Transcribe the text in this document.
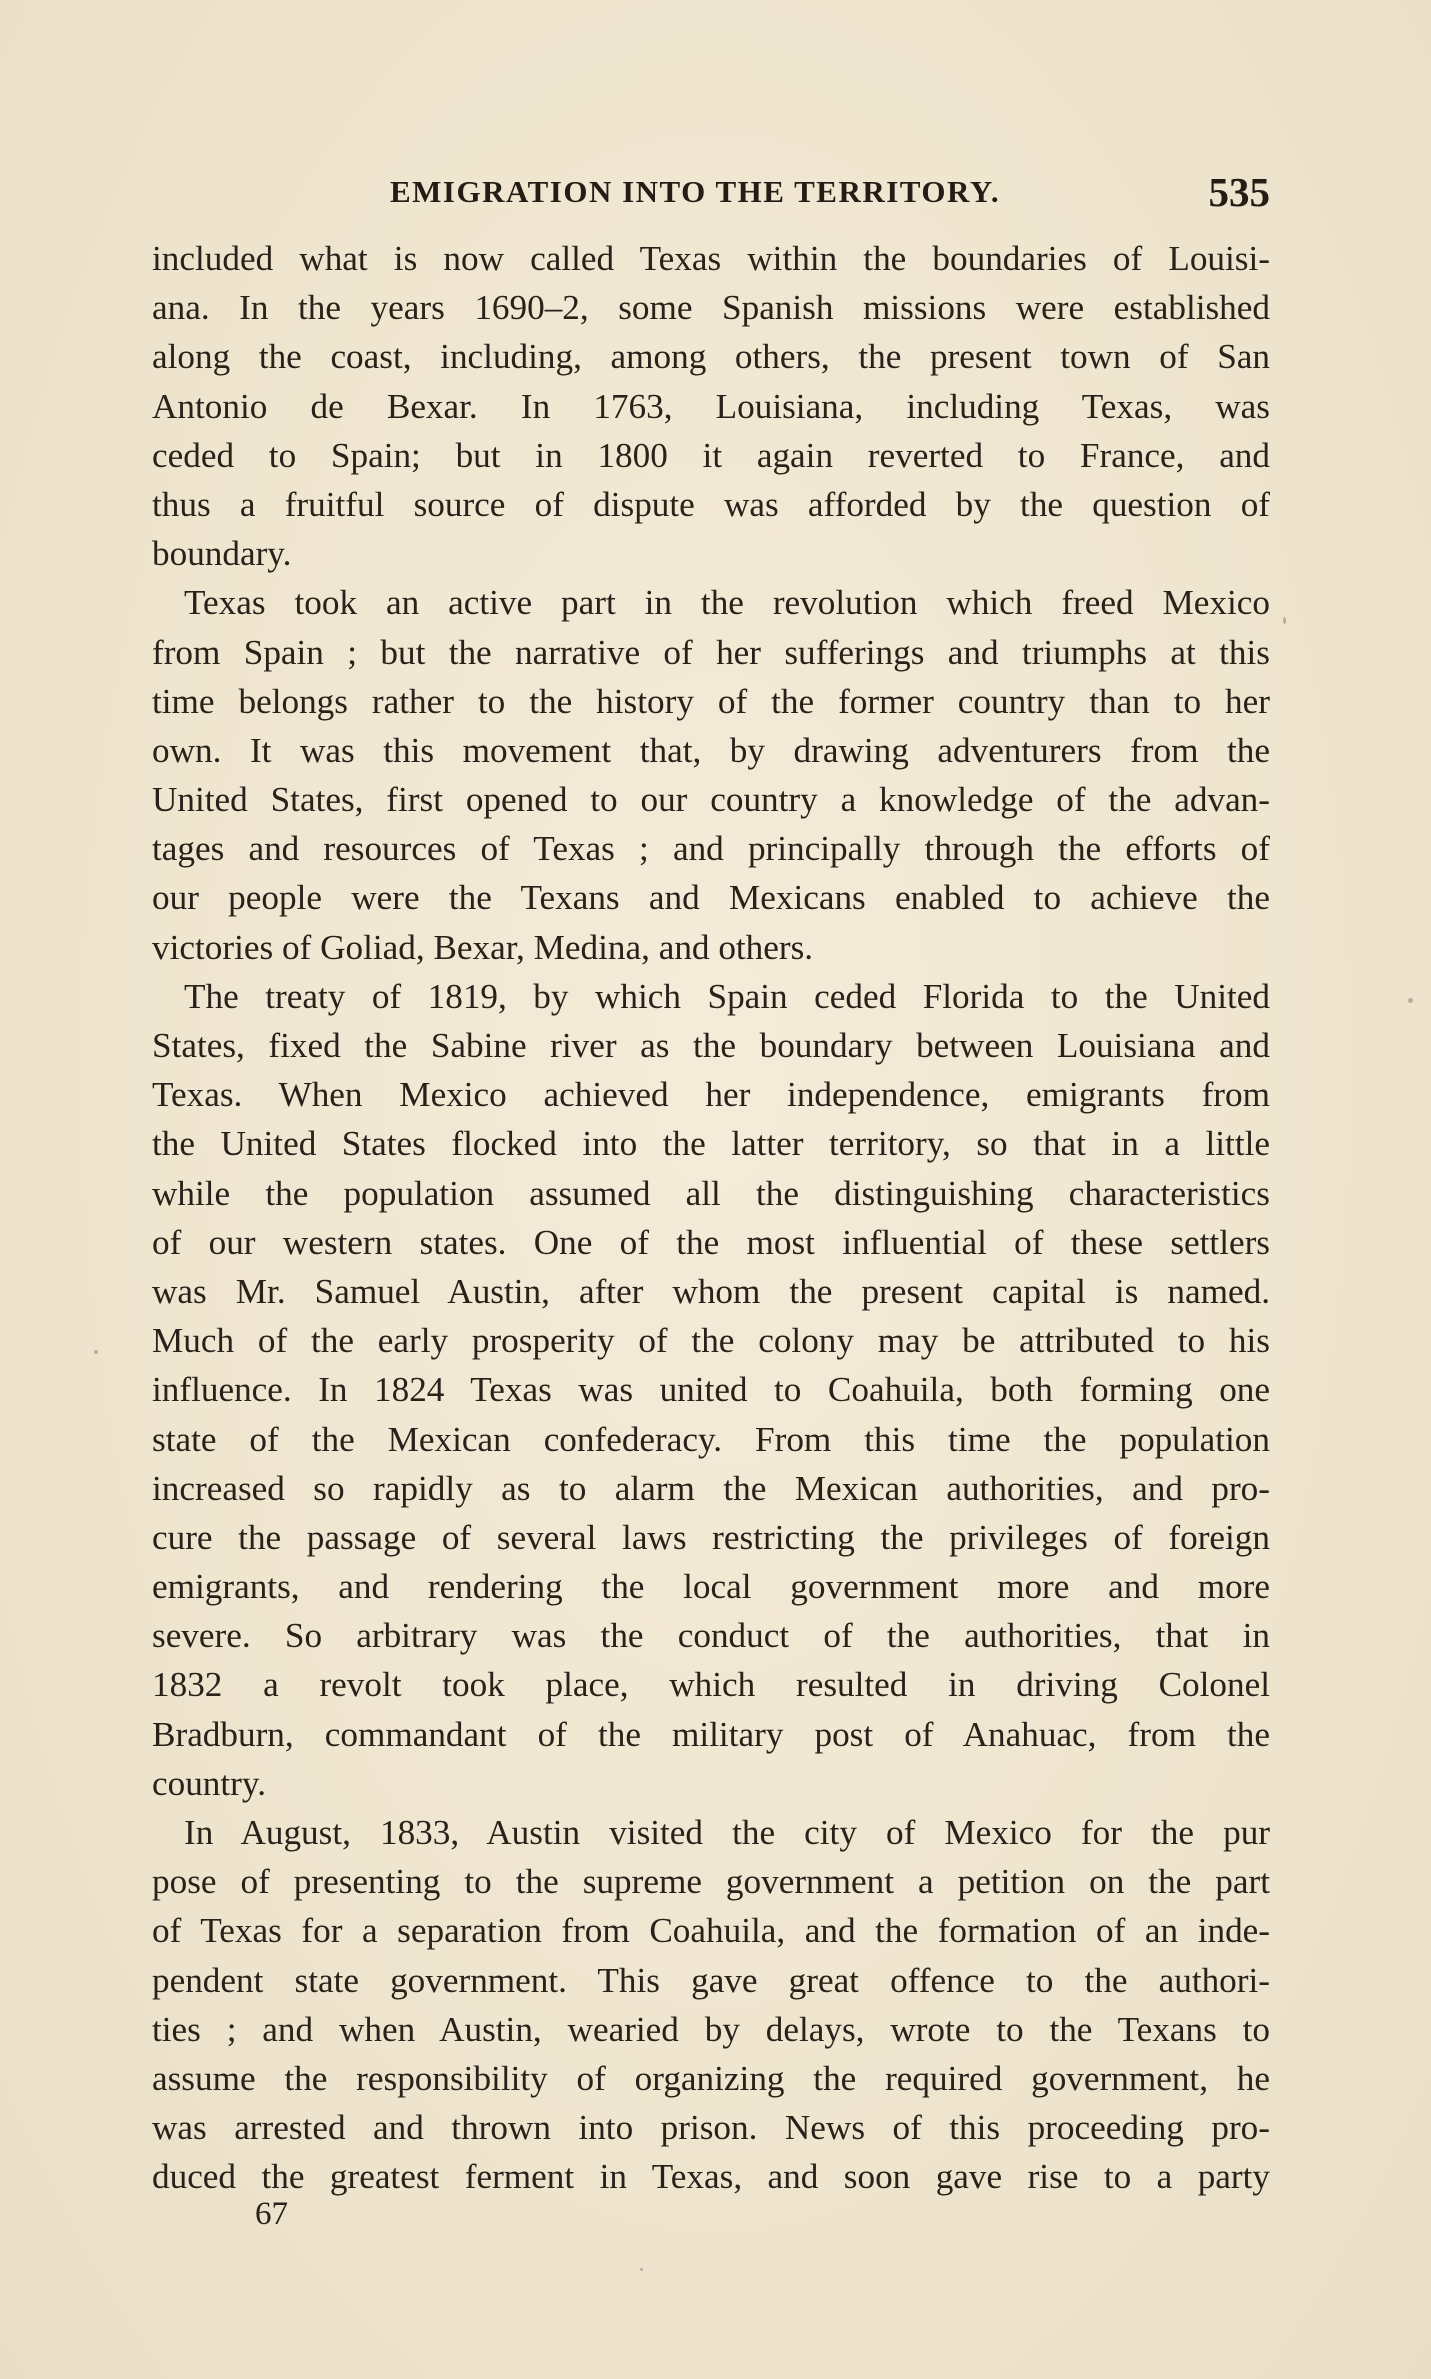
EMIGRATION INTO THE TERRITORY.	535
included what is now called Texas within the boundaries of Louisi-
ana. In the years 1690–2, some Spanish missions were established
along the coast, including, among others, the present town of San
Antonio de Bexar. In 1763, Louisiana, including Texas, was
ceded to Spain; but in 1800 it again reverted to France, and
thus a fruitful source of dispute was afforded by the question of
boundary.
Texas took an active part in the revolution which freed Mexico
from Spain ; but the narrative of her sufferings and triumphs at this
time belongs rather to the history of the former country than to her
own. It was this movement that, by drawing adventurers from the
United States, first opened to our country a knowledge of the advan-
tages and resources of Texas ; and principally through the efforts of
our people were the Texans and Mexicans enabled to achieve the
victories of Goliad, Bexar, Medina, and others.
The treaty of 1819, by which Spain ceded Florida to the United
States, fixed the Sabine river as the boundary between Louisiana and
Texas. When Mexico achieved her independence, emigrants from
the United States flocked into the latter territory, so that in a little
while the population assumed all the distinguishing characteristics
of our western states. One of the most influential of these settlers
was Mr. Samuel Austin, after whom the present capital is named.
Much of the early prosperity of the colony may be attributed to his
influence. In 1824 Texas was united to Coahuila, both forming one
state of the Mexican confederacy. From this time the population
increased so rapidly as to alarm the Mexican authorities, and pro-
cure the passage of several laws restricting the privileges of foreign
emigrants, and rendering the local government more and more
severe. So arbitrary was the conduct of the authorities, that in
1832 a revolt took place, which resulted in driving Colonel
Bradburn, commandant of the military post of Anahuac, from the
country.
In August, 1833, Austin visited the city of Mexico for the pur
pose of presenting to the supreme government a petition on the part
of Texas for a separation from Coahuila, and the formation of an inde-
pendent state government. This gave great offence to the authori-
ties ; and when Austin, wearied by delays, wrote to the Texans to
assume the responsibility of organizing the required government, he
was arrested and thrown into prison. News of this proceeding pro-
duced the greatest ferment in Texas, and soon gave rise to a party
67
